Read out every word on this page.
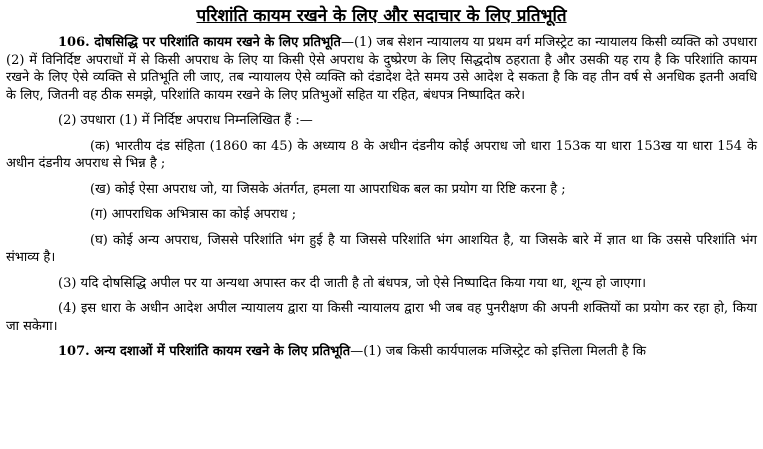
परिशांति कायम रखने के लिए और सदाचार के लिए प्रतिभूति

106. दोषसिद्धि पर परिशांति कायम रखने के लिए प्रतिभूति—(1) जब सेशन न्यायालय या प्रथम वर्ग मजिस्ट्रेट का न्यायालय किसी व्यक्ति को उपधारा (2) में विनिर्दिष्ट अपराधों में से किसी अपराध के लिए या किसी ऐसे अपराध के दुष्प्रेरण के लिए सिद्धदोष ठहराता है और उसकी यह राय है कि परिशांति कायम रखने के लिए ऐसे व्यक्ति से प्रतिभूति ली जाए, तब न्यायालय ऐसे व्यक्ति को दंडादेश देते समय उसे आदेश दे सकता है कि वह तीन वर्ष से अनधिक इतनी अवधि के लिए, जितनी वह ठीक समझे, परिशांति कायम रखने के लिए प्रतिभुओं सहित या रहित, बंधपत्र निष्पादित करे।

(2) उपधारा (1) में निर्दिष्ट अपराध निम्नलिखित हैं :—

(क) भारतीय दंड संहिता (1860 का 45) के अध्याय 8 के अधीन दंडनीय कोई अपराध जो धारा 153क या धारा 153ख या धारा 154 के अधीन दंडनीय अपराध से भिन्न है ;

(ख) कोई ऐसा अपराध जो, या जिसके अंतर्गत, हमला या आपराधिक बल का प्रयोग या रिष्टि करना है ;

(ग) आपराधिक अभित्रास का कोई अपराध ;

(घ) कोई अन्य अपराध, जिससे परिशांति भंग हुई है या जिससे परिशांति भंग आशयित है, या जिसके बारे में ज्ञात था कि उससे परिशांति भंग संभाव्य है।

(3) यदि दोषसिद्धि अपील पर या अन्यथा अपास्त कर दी जाती है तो बंधपत्र, जो ऐसे निष्पादित किया गया था, शून्य हो जाएगा।

(4) इस धारा के अधीन आदेश अपील न्यायालय द्वारा या किसी न्यायालय द्वारा भी जब वह पुनरीक्षण की अपनी शक्तियों का प्रयोग कर रहा हो, किया जा सकेगा।

107. अन्य दशाओं में परिशांति कायम रखने के लिए प्रतिभूति—(1) जब किसी कार्यपालक मजिस्ट्रेट को इत्तिला मिलती है कि
